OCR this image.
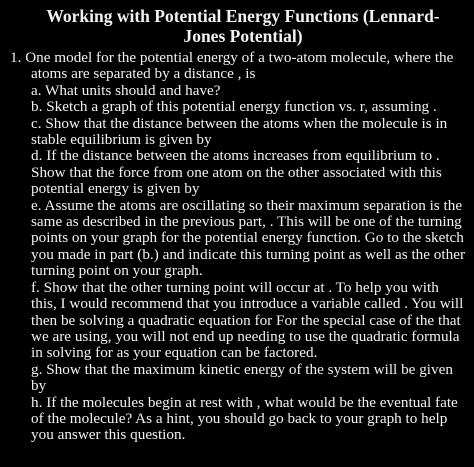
Working with Potential Energy Functions (Lennard-
Jones Potential)
1. One model for the potential energy of a two-atom molecule, where the
atoms are separated by a distance , is
a. What units should and have?
b. Sketch a graph of this potential energy function vs. r, assuming .
c. Show that the distance between the atoms when the molecule is in
stable equilibrium is given by
d. If the distance between the atoms increases from equilibrium to .
Show that the force from one atom on the other associated with this
potential energy is given by
e. Assume the atoms are oscillating so their maximum separation is the
same as described in the previous part, . This will be one of the turning
points on your graph for the potential energy function. Go to the sketch
you made in part (b.) and indicate this turning point as well as the other
turning point on your graph.
f. Show that the other turning point will occur at . To help you with
this, I would recommend that you introduce a variable called . You will
then be solving a quadratic equation for For the special case of the that
we are using, you will not end up needing to use the quadratic formula
in solving for as your equation can be factored.
g. Show that the maximum kinetic energy of the system will be given
by
h. If the molecules begin at rest with , what would be the eventual fate
of the molecule? As a hint, you should go back to your graph to help
you answer this question.
